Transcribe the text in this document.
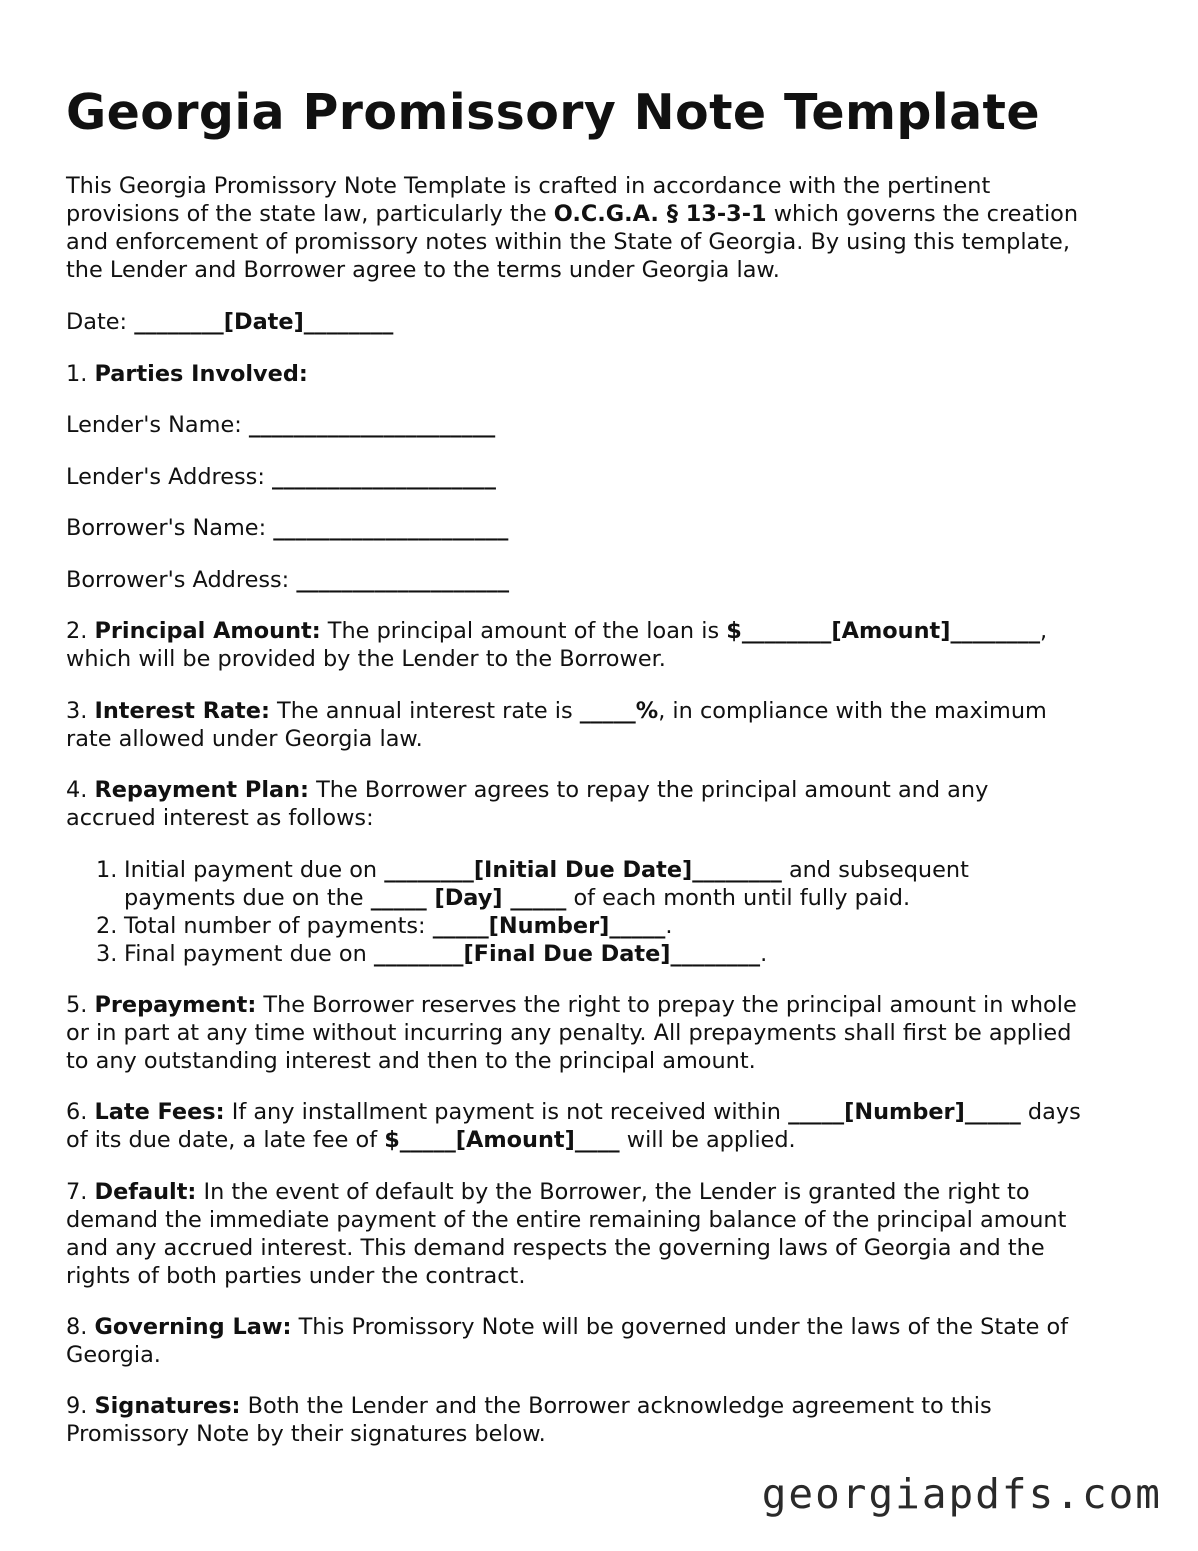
Georgia Promissory Note Template
This Georgia Promissory Note Template is crafted in accordance with the pertinent
provisions of the state law, particularly the O.C.G.A. § 13-3-1 which governs the creation
and enforcement of promissory notes within the State of Georgia. By using this template,
the Lender and Borrower agree to the terms under Georgia law.
Date: ________[Date]________
1. Parties Involved:
Lender's Name: ______________________
Lender's Address: ____________________
Borrower's Name: _____________________
Borrower's Address: ___________________
2. Principal Amount: The principal amount of the loan is $________[Amount]________,
which will be provided by the Lender to the Borrower.
3. Interest Rate: The annual interest rate is _____%, in compliance with the maximum
rate allowed under Georgia law.
4. Repayment Plan: The Borrower agrees to repay the principal amount and any
accrued interest as follows:
1. Initial payment due on ________[Initial Due Date]________ and subsequent
payments due on the _____ [Day] _____ of each month until fully paid.
2. Total number of payments: _____[Number]_____.
3. Final payment due on ________[Final Due Date]________.
5. Prepayment: The Borrower reserves the right to prepay the principal amount in whole
or in part at any time without incurring any penalty. All prepayments shall first be applied
to any outstanding interest and then to the principal amount.
6. Late Fees: If any installment payment is not received within _____[Number]_____ days
of its due date, a late fee of $_____[Amount]____ will be applied.
7. Default: In the event of default by the Borrower, the Lender is granted the right to
demand the immediate payment of the entire remaining balance of the principal amount
and any accrued interest. This demand respects the governing laws of Georgia and the
rights of both parties under the contract.
8. Governing Law: This Promissory Note will be governed under the laws of the State of
Georgia.
9. Signatures: Both the Lender and the Borrower acknowledge agreement to this
Promissory Note by their signatures below.
georgiapdfs.com
